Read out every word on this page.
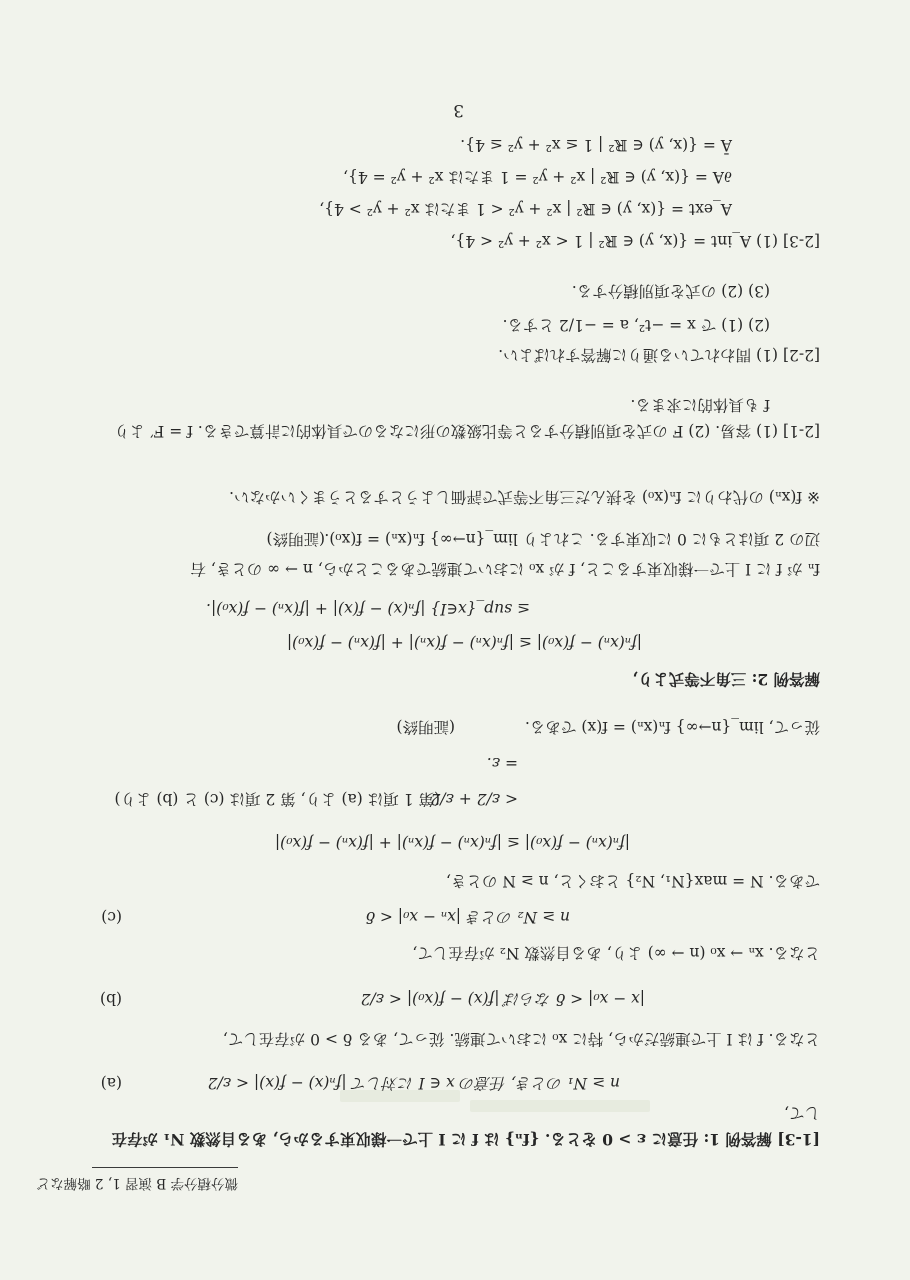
微分積分学 B 演習 1, 2 略解など
[1-3] 解答例 1: 任意に ε > 0 をとる. {fₙ} は f に I 上で一様収束するから, ある自然数 N₁ が存在
して,
n ≥ N₁ のとき, 任意の x ∈ I に対して |fₙ(x) − f(x)| < ε/2
(a)
となる. f は I 上で連続だから, 特に x₀ において連続. 従って, ある δ > 0 が存在して,
|x − x₀| < δ ならば |f(x) − f(x₀)| < ε/2
(b)
となる. xₙ → x₀ (n → ∞) より, ある自然数 N₂ が存在して,
n ≥ N₂ のとき |xₙ − x₀| < δ
(c)
である. N = max{N₁, N₂} とおくと, n ≥ N のとき,
|fₙ(xₙ) − f(x₀)| ≤ |fₙ(xₙ) − f(xₙ)| + |f(xₙ) − f(x₀)|
< ε/2 + ε/2
(第 1 項は (a) より, 第 2 項は (c) と (b) より)
= ε.
従って, lim_{n→∞} fₙ(xₙ) = f(x) である.
(証明終)
解答例 2: 三角不等式より,
|fₙ(xₙ) − f(x₀)| ≤ |fₙ(xₙ) − f(xₙ)| + |f(xₙ) − f(x₀)|
≤ sup_{x∈I} |fₙ(x) − f(x)| + |f(xₙ) − f(x₀)|.
fₙ が f に I 上で一様収束すること, f が x₀ において連続であることから, n → ∞ のとき, 右
辺の 2 項はともに 0 に収束する. これより lim_{n→∞} fₙ(xₙ) = f(x₀).
(証明終)
※ f(xₙ) の代わりに fₙ(x₀) を挟んだ三角不等式で評価しようとするとうまくいかない.
[2-1] (1) 容易. (2) F の式を項別積分すると等比級数の形になるので具体的に計算できる. f = F′ より
f も具体的に求まる.
[2-2] (1) 問われている通りに解答すればよい.
(2) (1) で x = −t², a = −1/2 とする.
(3) (2) の式を項別積分する.
[2-3] (1) A_int = {(x, y) ∈ ℝ² | 1 < x² + y² < 4},
A_ext = {(x, y) ∈ ℝ² | x² + y² < 1 または x² + y² > 4},
∂A = {(x, y) ∈ ℝ² | x² + y² = 1 または x² + y² = 4},
Ā = {(x, y) ∈ ℝ² | 1 ≤ x² + y² ≤ 4}.
3
